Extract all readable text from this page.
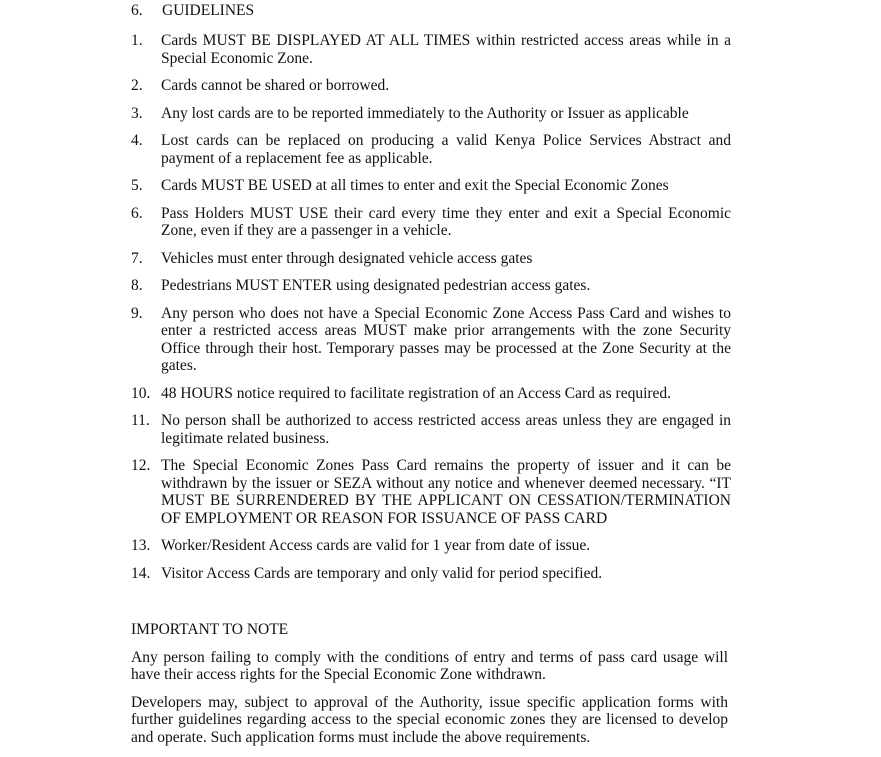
6. GUIDELINES
1.	Cards MUST BE DISPLAYED AT ALL TIMES within restricted access areas while in a Special Economic Zone.
2.	Cards cannot be shared or borrowed.
3.	Any lost cards are to be reported immediately to the Authority or Issuer as applicable
4.	Lost cards can be replaced on producing a valid Kenya Police Services Abstract and payment of a replacement fee as applicable.
5.	Cards MUST BE USED at all times to enter and exit the Special Economic Zones
6.	Pass Holders MUST USE their card every time they enter and exit a Special Economic Zone, even if they are a passenger in a vehicle.
7.	Vehicles must enter through designated vehicle access gates
8.	Pedestrians MUST ENTER using designated pedestrian access gates.
9.	Any person who does not have a Special Economic Zone Access Pass Card and wishes to enter a restricted access areas MUST make prior arrangements with the zone Security Office through their host. Temporary passes may be processed at the Zone Security at the gates.
10. 48 HOURS notice required to facilitate registration of an Access Card as required.
11. No person shall be authorized to access restricted access areas unless they are engaged in legitimate related business.
12. The Special Economic Zones Pass Card remains the property of issuer and it can be withdrawn by the issuer or SEZA without any notice and whenever deemed necessary. “IT MUST BE SURRENDERED BY THE APPLICANT ON CESSATION/TERMINATION OF EMPLOYMENT OR REASON FOR ISSUANCE OF PASS CARD
13. Worker/Resident Access cards are valid for 1 year from date of issue.
14. Visitor Access Cards are temporary and only valid for period specified.

IMPORTANT TO NOTE

Any person failing to comply with the conditions of entry and terms of pass card usage will have their access rights for the Special Economic Zone withdrawn.

Developers may, subject to approval of the Authority, issue specific application forms with further guidelines regarding access to the special economic zones they are licensed to develop and operate. Such application forms must include the above requirements.
